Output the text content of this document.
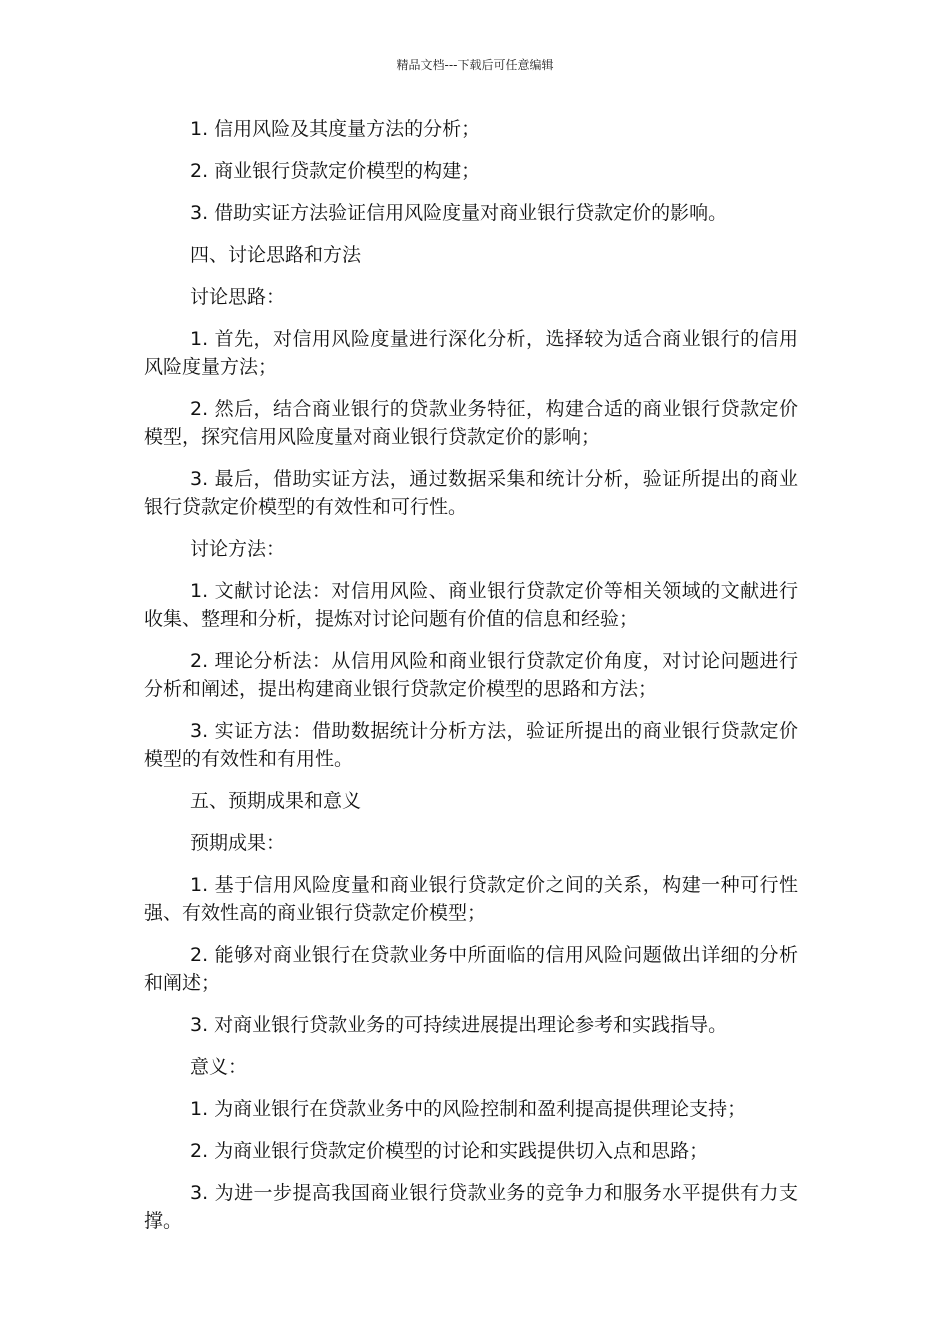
精品文档---下载后可任意编辑

1. 信用风险及其度量方法的分析；

2. 商业银行贷款定价模型的构建；

3. 借助实证方法验证信用风险度量对商业银行贷款定价的影响。

四、讨论思路和方法

讨论思路：

1. 首先，对信用风险度量进行深化分析，选择较为适合商业银行的信用风险度量方法；

2. 然后，结合商业银行的贷款业务特征，构建合适的商业银行贷款定价模型，探究信用风险度量对商业银行贷款定价的影响；

3. 最后，借助实证方法，通过数据采集和统计分析，验证所提出的商业银行贷款定价模型的有效性和可行性。

讨论方法：

1. 文献讨论法：对信用风险、商业银行贷款定价等相关领域的文献进行收集、整理和分析，提炼对讨论问题有价值的信息和经验；

2. 理论分析法：从信用风险和商业银行贷款定价角度，对讨论问题进行分析和阐述，提出构建商业银行贷款定价模型的思路和方法；

3. 实证方法：借助数据统计分析方法，验证所提出的商业银行贷款定价模型的有效性和有用性。

五、预期成果和意义

预期成果：

1. 基于信用风险度量和商业银行贷款定价之间的关系，构建一种可行性强、有效性高的商业银行贷款定价模型；

2. 能够对商业银行在贷款业务中所面临的信用风险问题做出详细的分析和阐述；

3. 对商业银行贷款业务的可持续进展提出理论参考和实践指导。

意义：

1. 为商业银行在贷款业务中的风险控制和盈利提高提供理论支持；

2. 为商业银行贷款定价模型的讨论和实践提供切入点和思路；

3. 为进一步提高我国商业银行贷款业务的竞争力和服务水平提供有力支撑。
